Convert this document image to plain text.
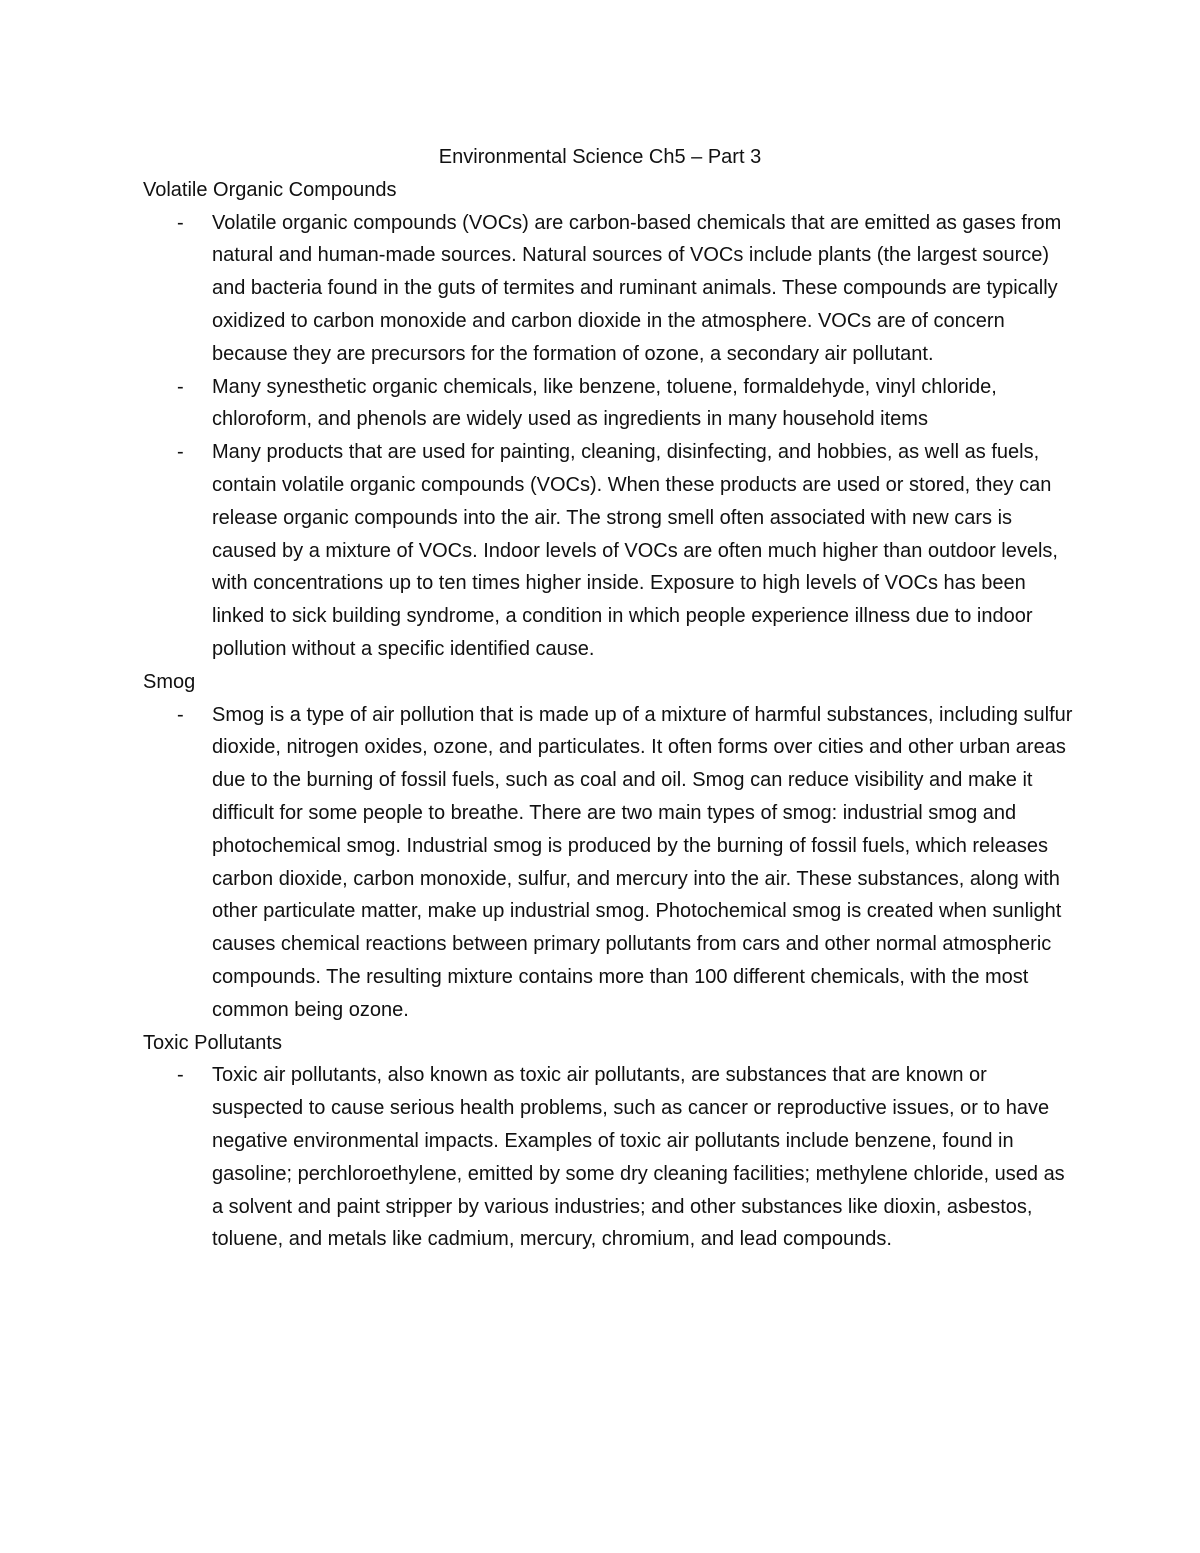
Environmental Science Ch5 – Part 3
Volatile Organic Compounds
- Volatile organic compounds (VOCs) are carbon-based chemicals that are emitted as gases from natural and human-made sources. Natural sources of VOCs include plants (the largest source) and bacteria found in the guts of termites and ruminant animals. These compounds are typically oxidized to carbon monoxide and carbon dioxide in the atmosphere. VOCs are of concern because they are precursors for the formation of ozone, a secondary air pollutant.
- Many synesthetic organic chemicals, like benzene, toluene, formaldehyde, vinyl chloride, chloroform, and phenols are widely used as ingredients in many household items
- Many products that are used for painting, cleaning, disinfecting, and hobbies, as well as fuels, contain volatile organic compounds (VOCs). When these products are used or stored, they can release organic compounds into the air. The strong smell often associated with new cars is caused by a mixture of VOCs. Indoor levels of VOCs are often much higher than outdoor levels, with concentrations up to ten times higher inside. Exposure to high levels of VOCs has been linked to sick building syndrome, a condition in which people experience illness due to indoor pollution without a specific identified cause.
Smog
- Smog is a type of air pollution that is made up of a mixture of harmful substances, including sulfur dioxide, nitrogen oxides, ozone, and particulates. It often forms over cities and other urban areas due to the burning of fossil fuels, such as coal and oil. Smog can reduce visibility and make it difficult for some people to breathe. There are two main types of smog: industrial smog and photochemical smog. Industrial smog is produced by the burning of fossil fuels, which releases carbon dioxide, carbon monoxide, sulfur, and mercury into the air. These substances, along with other particulate matter, make up industrial smog. Photochemical smog is created when sunlight causes chemical reactions between primary pollutants from cars and other normal atmospheric compounds. The resulting mixture contains more than 100 different chemicals, with the most common being ozone.
Toxic Pollutants
- Toxic air pollutants, also known as toxic air pollutants, are substances that are known or suspected to cause serious health problems, such as cancer or reproductive issues, or to have negative environmental impacts. Examples of toxic air pollutants include benzene, found in gasoline; perchloroethylene, emitted by some dry cleaning facilities; methylene chloride, used as a solvent and paint stripper by various industries; and other substances like dioxin, asbestos, toluene, and metals like cadmium, mercury, chromium, and lead compounds.
